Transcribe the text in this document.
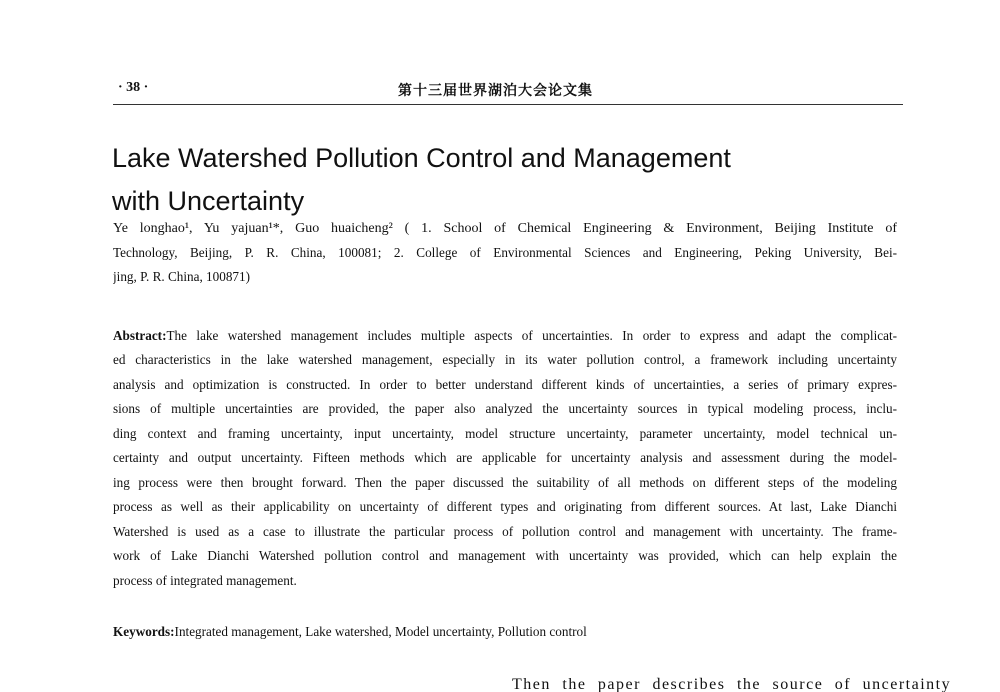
· 38 ·	第十三届世界湖泊大会论文集
Lake Watershed Pollution Control and Management
with Uncertainty
Ye longhao¹, Yu yajuan¹*, Guo huaicheng² ( 1. School of Chemical Engineering & Environment, Beijing Institute of
Technology, Beijing, P. R. China, 100081; 2. College of Environmental Sciences and Engineering, Peking University, Bei-
jing, P. R. China, 100871)
Abstract:The lake watershed management includes multiple aspects of uncertainties. In order to express and adapt the complicat-
ed characteristics in the lake watershed management, especially in its water pollution control, a framework including uncertainty
analysis and optimization is constructed. In order to better understand different kinds of uncertainties, a series of primary expres-
sions of multiple uncertainties are provided, the paper also analyzed the uncertainty sources in typical modeling process, inclu-
ding context and framing uncertainty, input uncertainty, model structure uncertainty, parameter uncertainty, model technical un-
certainty and output uncertainty. Fifteen methods which are applicable for uncertainty analysis and assessment during the model-
ing process were then brought forward. Then the paper discussed the suitability of all methods on different steps of the modeling
process as well as their applicability on uncertainty of different types and originating from different sources. At last, Lake Dianchi
Watershed is used as a case to illustrate the particular process of pollution control and management with uncertainty. The frame-
work of Lake Dianchi Watershed pollution control and management with uncertainty was provided, which can help explain the
process of integrated management.
Keywords:Integrated management, Lake watershed, Model uncertainty, Pollution control
Then the paper describes the source of uncertainty
